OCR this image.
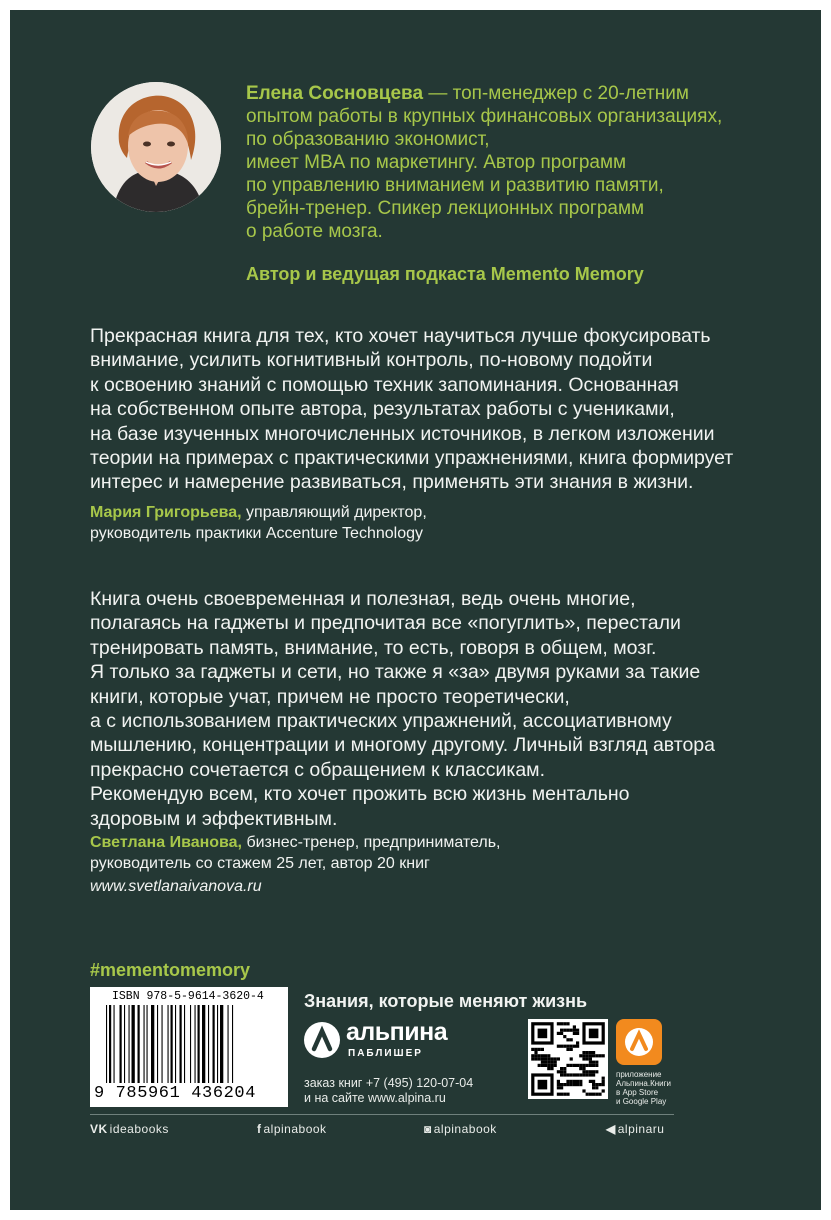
Елена Сосновцева — топ-менеджер с 20-летним
опытом работы в крупных финансовых организациях,
по образованию экономист,
имеет MBA по маркетингу. Автор программ
по управлению вниманием и развитию памяти,
брейн-тренер. Спикер лекционных программ
о работе мозга.
Автор и ведущая подкаста Memento Memory
Прекрасная книга для тех, кто хочет научиться лучше фокусировать
внимание, усилить когнитивный контроль, по-новому подойти
к освоению знаний с помощью техник запоминания. Основанная
на собственном опыте автора, результатах работы с учениками,
на базе изученных многочисленных источников, в легком изложении
теории на примерах с практическими упражнениями, книга формирует
интерес и намерение развиваться, применять эти знания в жизни.
Мария Григорьева, управляющий директор,
руководитель практики Accenture Technology
Книга очень своевременная и полезная, ведь очень многие,
полагаясь на гаджеты и предпочитая все «погуглить», перестали
тренировать память, внимание, то есть, говоря в общем, мозг.
Я только за гаджеты и сети, но также я «за» двумя руками за такие
книги, которые учат, причем не просто теоретически,
а с использованием практических упражнений, ассоциативному
мышлению, концентрации и многому другому. Личный взгляд автора
прекрасно сочетается с обращением к классикам.
Рекомендую всем, кто хочет прожить всю жизнь ментально
здоровым и эффективным.
Светлана Иванова, бизнес-тренер, предприниматель,
руководитель со стажем 25 лет, автор 20 книг
www.svetlanaivanova.ru
#mementomemory
ISBN 978-5-9614-3620-4
9 785961 436204
Знания, которые меняют жизнь
альпина
ПАБЛИШЕР
заказ книг +7 (495) 120-07-04
и на сайте www.alpina.ru
приложение
Альпина.Книги
в App Store
и Google Play
VK ideabooks	f alpinabook	◙ alpinabook	◀ alpinaru
